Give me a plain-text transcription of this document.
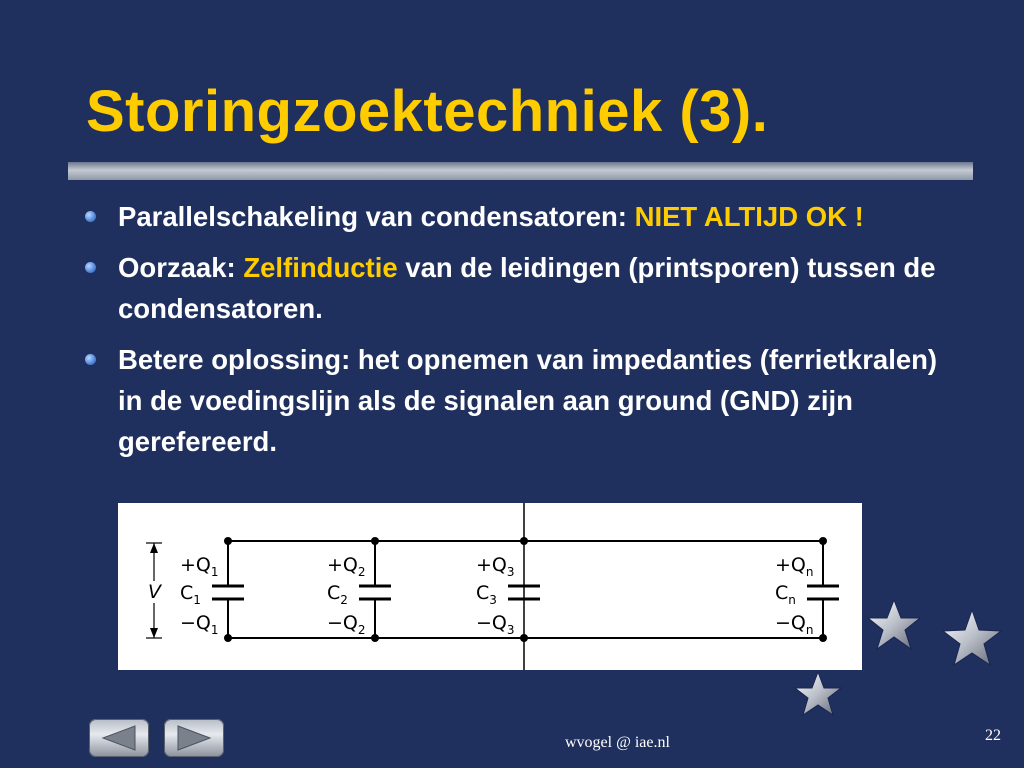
Storingzoektechniek (3).
Parallelschakeling van condensatoren: NIET ALTIJD OK !
Oorzaak: Zelfinductie van de leidingen (printsporen) tussen de condensatoren.
Betere oplossing: het opnemen van impedanties (ferrietkralen) in de voedingslijn als de signalen aan ground (GND) zijn gerefereerd.
V
$+Q_1$
$C_1$
$-Q_1$
$+Q_2$
$C_2$
$-Q_2$
$+Q_3$
$C_3$
$-Q_3$
$+Q_n$
$C_n$
$-Q_n$
wvogel @ iae.nl	22
